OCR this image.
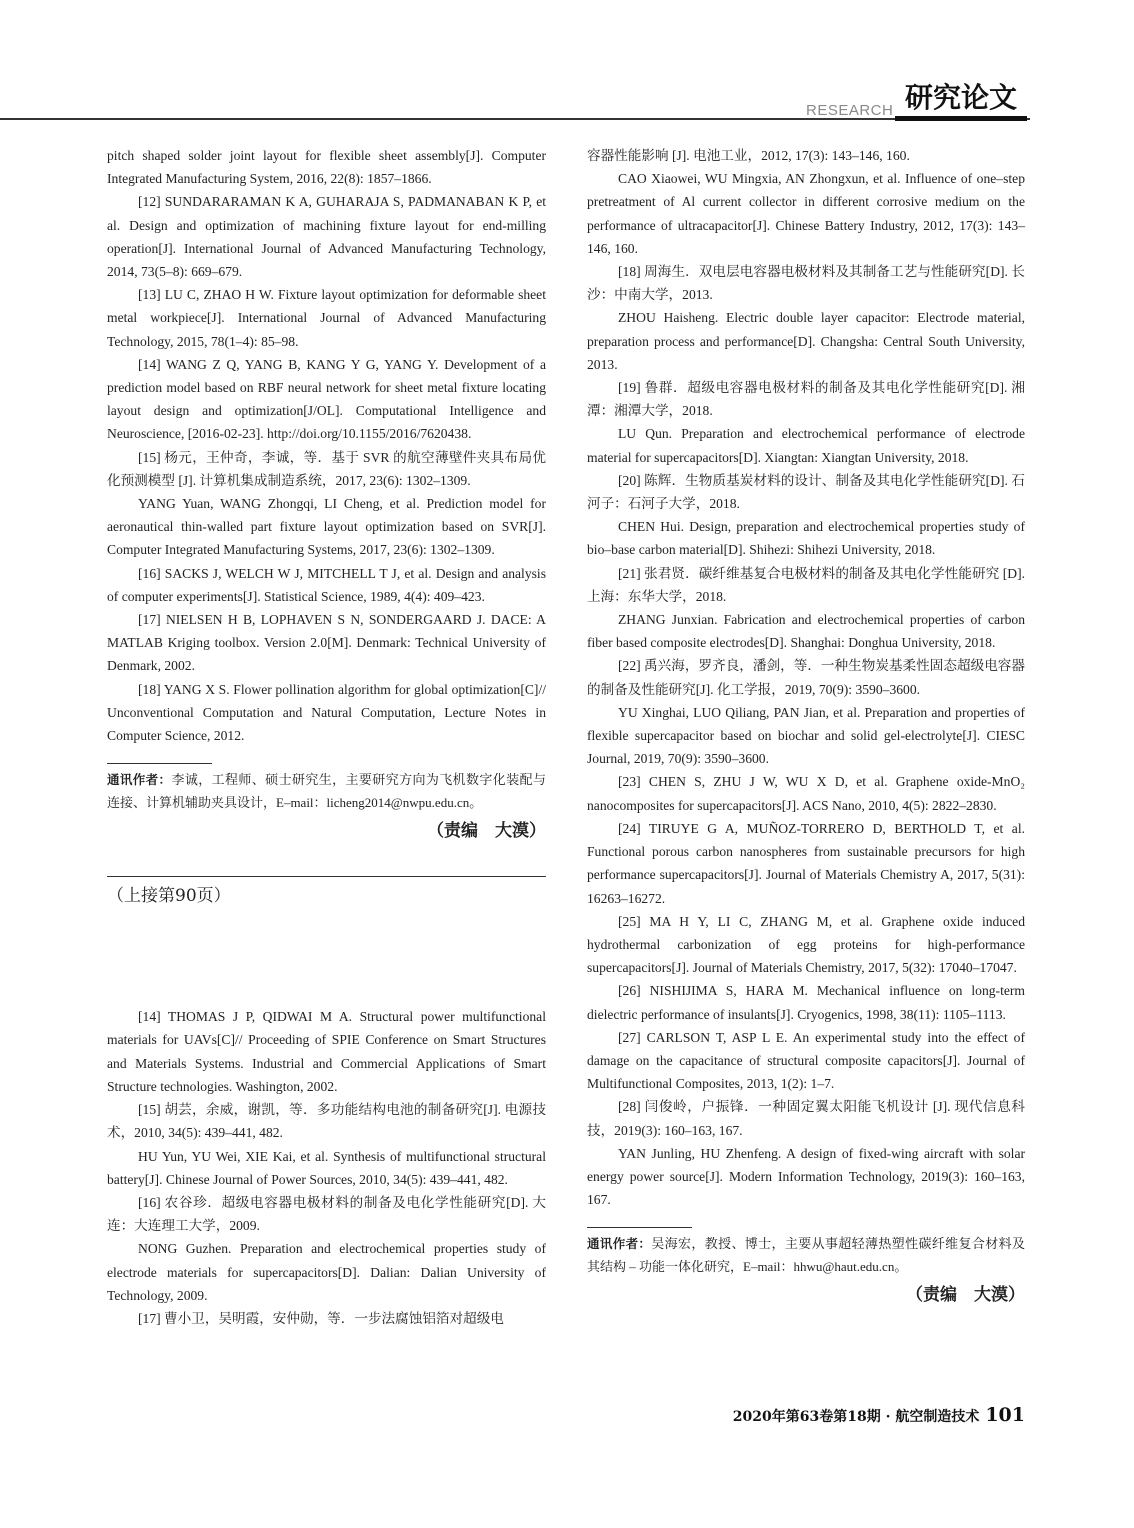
RESEARCH 研究论文

pitch shaped solder joint layout for flexible sheet assembly[J]. Computer Integrated Manufacturing System, 2016, 22(8): 1857–1866.

[12] SUNDARARAMAN K A, GUHARAJA S, PADMANABAN K P, et al. Design and optimization of machining fixture layout for end-milling operation[J]. International Journal of Advanced Manufacturing Technology, 2014, 73(5–8): 669–679.

[13] LU C, ZHAO H W. Fixture layout optimization for deformable sheet metal workpiece[J]. International Journal of Advanced Manufacturing Technology, 2015, 78(1–4): 85–98.

[14] WANG Z Q, YANG B, KANG Y G, YANG Y. Development of a prediction model based on RBF neural network for sheet metal fixture locating layout design and optimization[J/OL]. Computational Intelligence and Neuroscience, [2016-02-23]. http://doi.org/10.1155/2016/7620438.

[15] 杨元，王仲奇，李诚，等．基于 SVR 的航空薄壁件夹具布局优化预测模型 [J]. 计算机集成制造系统，2017, 23(6): 1302–1309.

YANG Yuan, WANG Zhongqi, LI Cheng, et al. Prediction model for aeronautical thin-walled part fixture layout optimization based on SVR[J]. Computer Integrated Manufacturing Systems, 2017, 23(6): 1302–1309.

[16] SACKS J, WELCH W J, MITCHELL T J, et al. Design and analysis of computer experiments[J]. Statistical Science, 1989, 4(4): 409–423.

[17] NIELSEN H B, LOPHAVEN S N, SONDERGAARD J. DACE: A MATLAB Kriging toolbox. Version 2.0[M]. Denmark: Technical University of Denmark, 2002.

[18] YANG X S. Flower pollination algorithm for global optimization[C]// Unconventional Computation and Natural Computation, Lecture Notes in Computer Science, 2012.

通讯作者：李诚，工程师、硕士研究生，主要研究方向为飞机数字化装配与连接、计算机辅助夹具设计，E–mail：licheng2014@nwpu.edu.cn。

（责编　大漠）

（上接第90页）

[14] THOMAS J P, QIDWAI M A. Structural power multifunctional materials for UAVs[C]// Proceeding of SPIE Conference on Smart Structures and Materials Systems. Industrial and Commercial Applications of Smart Structure technologies. Washington, 2002.

[15] 胡芸，余威，谢凯，等．多功能结构电池的制备研究[J]. 电源技术，2010, 34(5): 439–441, 482.

HU Yun, YU Wei, XIE Kai, et al. Synthesis of multifunctional structural battery[J]. Chinese Journal of Power Sources, 2010, 34(5): 439–441, 482.

[16] 农谷珍．超级电容器电极材料的制备及电化学性能研究[D]. 大连：大连理工大学，2009.

NONG Guzhen. Preparation and electrochemical properties study of electrode materials for supercapacitors[D]. Dalian: Dalian University of Technology, 2009.

[17] 曹小卫，吴明霞，安仲勋，等．一步法腐蚀铝箔对超级电

容器性能影响 [J]. 电池工业，2012, 17(3): 143–146, 160.

CAO Xiaowei, WU Mingxia, AN Zhongxun, et al. Influence of one–step pretreatment of Al current collector in different corrosive medium on the performance of ultracapacitor[J]. Chinese Battery Industry, 2012, 17(3): 143–146, 160.

[18] 周海生．双电层电容器电极材料及其制备工艺与性能研究[D]. 长沙：中南大学，2013.

ZHOU Haisheng. Electric double layer capacitor: Electrode material, preparation process and performance[D]. Changsha: Central South University, 2013.

[19] 鲁群．超级电容器电极材料的制备及其电化学性能研究[D]. 湘潭：湘潭大学，2018.

LU Qun. Preparation and electrochemical performance of electrode material for supercapacitors[D]. Xiangtan: Xiangtan University, 2018.

[20] 陈辉．生物质基炭材料的设计、制备及其电化学性能研究[D]. 石河子：石河子大学，2018.

CHEN Hui. Design, preparation and electrochemical properties study of bio–base carbon material[D]. Shihezi: Shihezi University, 2018.

[21] 张君贤．碳纤维基复合电极材料的制备及其电化学性能研究 [D]. 上海：东华大学，2018.

ZHANG Junxian. Fabrication and electrochemical properties of carbon fiber based composite electrodes[D]. Shanghai: Donghua University, 2018.

[22] 禹兴海，罗齐良，潘剑，等．一种生物炭基柔性固态超级电容器的制备及性能研究[J]. 化工学报，2019, 70(9): 3590–3600.

YU Xinghai, LUO Qiliang, PAN Jian, et al. Preparation and properties of flexible supercapacitor based on biochar and solid gel-electrolyte[J]. CIESC Journal, 2019, 70(9): 3590–3600.

[23] CHEN S, ZHU J W, WU X D, et al. Graphene oxide-MnO₂ nanocomposites for supercapacitors[J]. ACS Nano, 2010, 4(5): 2822–2830.

[24] TIRUYE G A, MUÑOZ-TORRERO D, BERTHOLD T, et al. Functional porous carbon nanospheres from sustainable precursors for high performance supercapacitors[J]. Journal of Materials Chemistry A, 2017, 5(31): 16263–16272.

[25] MA H Y, LI C, ZHANG M, et al. Graphene oxide induced hydrothermal carbonization of egg proteins for high-performance supercapacitors[J]. Journal of Materials Chemistry, 2017, 5(32): 17040–17047.

[26] NISHIJIMA S, HARA M. Mechanical influence on long-term dielectric performance of insulants[J]. Cryogenics, 1998, 38(11): 1105–1113.

[27] CARLSON T, ASP L E. An experimental study into the effect of damage on the capacitance of structural composite capacitors[J]. Journal of Multifunctional Composites, 2013, 1(2): 1–7.

[28] 闫俊岭，户振锋．一种固定翼太阳能飞机设计 [J]. 现代信息科技，2019(3): 160–163, 167.

YAN Junling, HU Zhenfeng. A design of fixed-wing aircraft with solar energy power source[J]. Modern Information Technology, 2019(3): 160–163, 167.

通讯作者：吴海宏，教授、博士，主要从事超轻薄热塑性碳纤维复合材料及其结构 – 功能一体化研究，E–mail：hhwu@haut.edu.cn。

（责编　大漠）

2020年第63卷第18期 · 航空制造技术 101
